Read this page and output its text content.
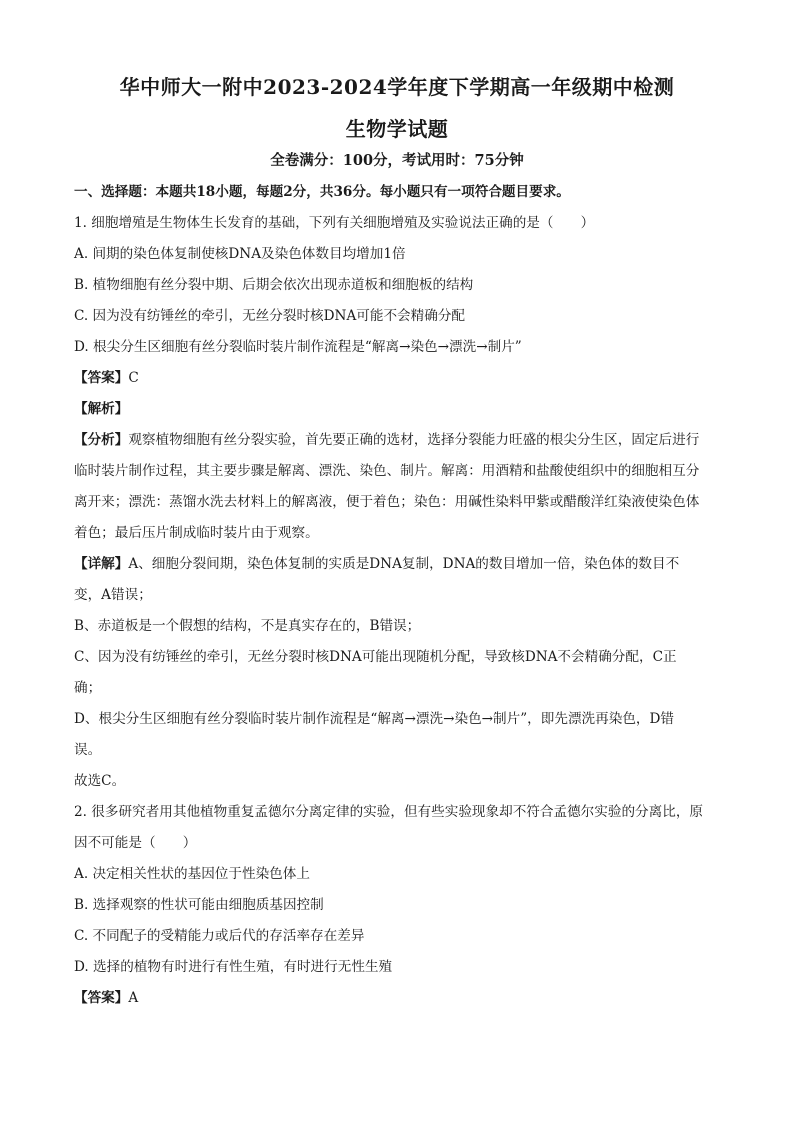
华中师大一附中2023-2024学年度下学期高一年级期中检测
生物学试题
全卷满分：100分，考试用时：75分钟
一、选择题：本题共18小题，每题2分，共36分。每小题只有一项符合题目要求。
1. 细胞增殖是生物体生长发育的基础，下列有关细胞增殖及实验说法正确的是（　　）
A. 间期的染色体复制使核DNA及染色体数目均增加1倍
B. 植物细胞有丝分裂中期、后期会依次出现赤道板和细胞板的结构
C. 因为没有纺锤丝的牵引，无丝分裂时核DNA可能不会精确分配
D. 根尖分生区细胞有丝分裂临时装片制作流程是“解离→染色→漂洗→制片”
【答案】C
【解析】
【分析】观察植物细胞有丝分裂实验，首先要正确的选材，选择分裂能力旺盛的根尖分生区，固定后进行
临时装片制作过程，其主要步骤是解离、漂洗、染色、制片。解离：用酒精和盐酸使组织中的细胞相互分
离开来；漂洗：蒸馏水洗去材料上的解离液，便于着色；染色：用碱性染料甲紫或醋酸洋红染液使染色体
着色；最后压片制成临时装片由于观察。
【详解】A、细胞分裂间期，染色体复制的实质是DNA复制，DNA的数目增加一倍，染色体的数目不
变，A错误；
B、赤道板是一个假想的结构，不是真实存在的，B错误；
C、因为没有纺锤丝的牵引，无丝分裂时核DNA可能出现随机分配，导致核DNA不会精确分配，C正
确；
D、根尖分生区细胞有丝分裂临时装片制作流程是“解离→漂洗→染色→制片”，即先漂洗再染色，D错
误。
故选C。
2. 很多研究者用其他植物重复孟德尔分离定律的实验，但有些实验现象却不符合孟德尔实验的分离比，原
因不可能是（　　）
A. 决定相关性状的基因位于性染色体上
B. 选择观察的性状可能由细胞质基因控制
C. 不同配子的受精能力或后代的存活率存在差异
D. 选择的植物有时进行有性生殖，有时进行无性生殖
【答案】A
